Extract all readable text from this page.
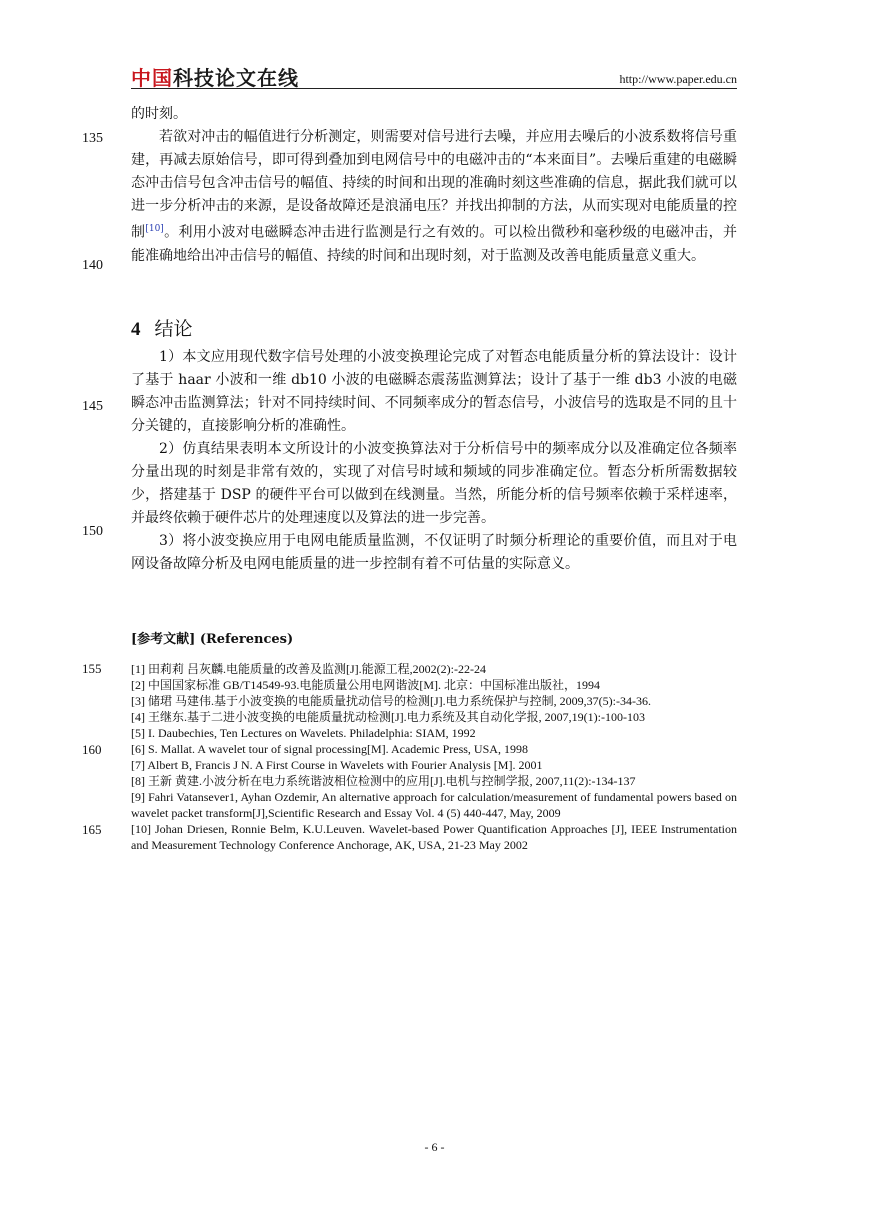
中国科技论文在线	http://www.paper.edu.cn
135
140
145
150
155
160
165

的时刻。

若欲对冲击的幅值进行分析测定，则需要对信号进行去噪，并应用去噪后的小波系数将信号重建，再减去原始信号，即可得到叠加到电网信号中的电磁冲击的“本来面目”。去噪后重建的电磁瞬态冲击信号包含冲击信号的幅值、持续的时间和出现的准确时刻这些准确的信息，据此我们就可以进一步分析冲击的来源，是设备故障还是浪涌电压？并找出抑制的方法，从而实现对电能质量的控制[10]。利用小波对电磁瞬态冲击进行监测是行之有效的。可以检出微秒和毫秒级的电磁冲击，并能准确地给出冲击信号的幅值、持续的时间和出现时刻，对于监测及改善电能质量意义重大。

4 结论

1）本文应用现代数字信号处理的小波变换理论完成了对暂态电能质量分析的算法设计：设计了基于 haar 小波和一维 db10 小波的电磁瞬态震荡监测算法；设计了基于一维 db3 小波的电磁瞬态冲击监测算法；针对不同持续时间、不同频率成分的暂态信号，小波信号的选取是不同的且十分关键的，直接影响分析的准确性。

2）仿真结果表明本文所设计的小波变换算法对于分析信号中的频率成分以及准确定位各频率分量出现的时刻是非常有效的，实现了对信号时域和频域的同步准确定位。暂态分析所需数据较少，搭建基于 DSP 的硬件平台可以做到在线测量。当然，所能分析的信号频率依赖于采样速率，并最终依赖于硬件芯片的处理速度以及算法的进一步完善。

3）将小波变换应用于电网电能质量监测，不仅证明了时频分析理论的重要价值，而且对于电网设备故障分析及电网电能质量的进一步控制有着不可估量的实际意义。

[参考文献] (References)

[1] 田莉莉 吕灰麟.电能质量的改善及监测[J].能源工程,2002(2):-22-24

[2] 中国国家标准 GB/T14549-93.电能质量公用电网谐波[M]. 北京：中国标准出版社，1994

[3] 储珺 马建伟.基于小波变换的电能质量扰动信号的检测[J].电力系统保护与控制, 2009,37(5):-34-36.

[4] 王继东.基于二进小波变换的电能质量扰动检测[J].电力系统及其自动化学报, 2007,19(1):-100-103

[5] I. Daubechies, Ten Lectures on Wavelets. Philadelphia: SIAM, 1992

[6] S. Mallat. A wavelet tour of signal processing[M]. Academic Press, USA, 1998

[7] Albert B, Francis J N. A First Course in Wavelets with Fourier Analysis [M]. 2001

[8] 王新 黄建.小波分析在电力系统谐波相位检测中的应用[J].电机与控制学报, 2007,11(2):-134-137

[9] Fahri Vatansever1, Ayhan Ozdemir, An alternative approach for calculation/measurement of fundamental powers based on wavelet packet transform[J],Scientific Research and Essay Vol. 4 (5) 440-447, May, 2009

[10] Johan Driesen, Ronnie Belm, K.U.Leuven. Wavelet-based Power Quantification Approaches [J], IEEE Instrumentation and Measurement Technology Conference Anchorage, AK, USA, 21-23 May 2002

- 6 -
